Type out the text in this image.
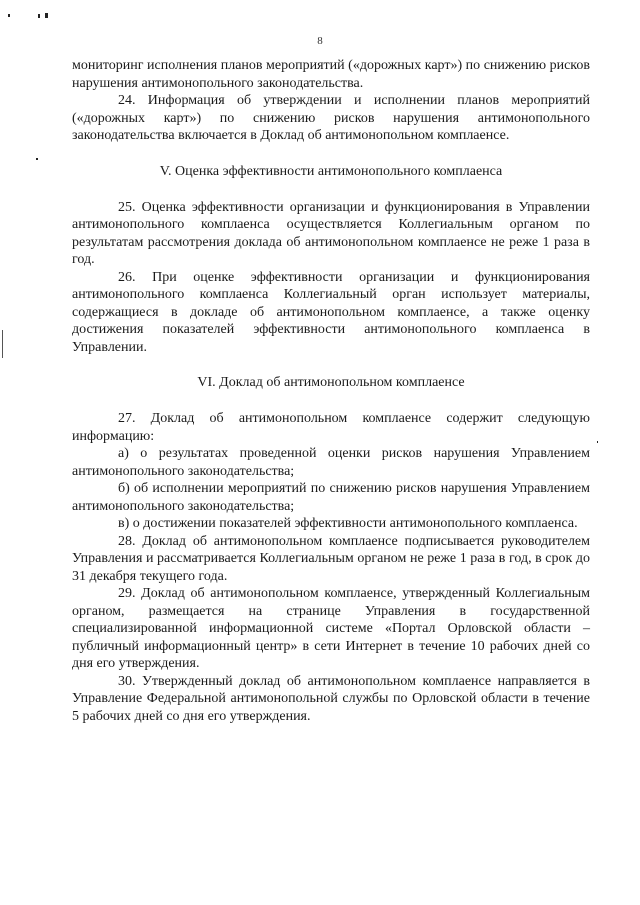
8

мониторинг исполнения планов мероприятий («дорожных карт») по снижению рисков нарушения антимонопольного законодательства.

24. Информация об утверждении и исполнении планов мероприятий («дорожных карт») по снижению рисков нарушения антимонопольного законодательства включается в Доклад об антимонопольном комплаенсе.

V. Оценка эффективности антимонопольного комплаенса

25. Оценка эффективности организации и функционирования в Управлении антимонопольного комплаенса осуществляется Коллегиальным органом по результатам рассмотрения доклада об антимонопольном комплаенсе не реже 1 раза в год.

26. При оценке эффективности организации и функционирования антимонопольного комплаенса Коллегиальный орган использует материалы, содержащиеся в докладе об антимонопольном комплаенсе, а также оценку достижения показателей эффективности антимонопольного комплаенса в Управлении.

VI. Доклад об антимонопольном комплаенсе

27. Доклад об антимонопольном комплаенсе содержит следующую информацию:

а) о результатах проведенной оценки рисков нарушения Управлением антимонопольного законодательства;

б) об исполнении мероприятий по снижению рисков нарушения Управлением антимонопольного законодательства;

в) о достижении показателей эффективности антимонопольного комплаенса.

28. Доклад об антимонопольном комплаенсе подписывается руководителем Управления и рассматривается Коллегиальным органом не реже 1 раза в год, в срок до 31 декабря текущего года.

29. Доклад об антимонопольном комплаенсе, утвержденный Коллегиальным органом, размещается на странице Управления в государственной специализированной информационной системе «Портал Орловской области – публичный информационный центр» в сети Интернет в течение 10 рабочих дней со дня его утверждения.

30. Утвержденный доклад об антимонопольном комплаенсе направляется в Управление Федеральной антимонопольной службы по Орловской области в течение 5 рабочих дней со дня его утверждения.
